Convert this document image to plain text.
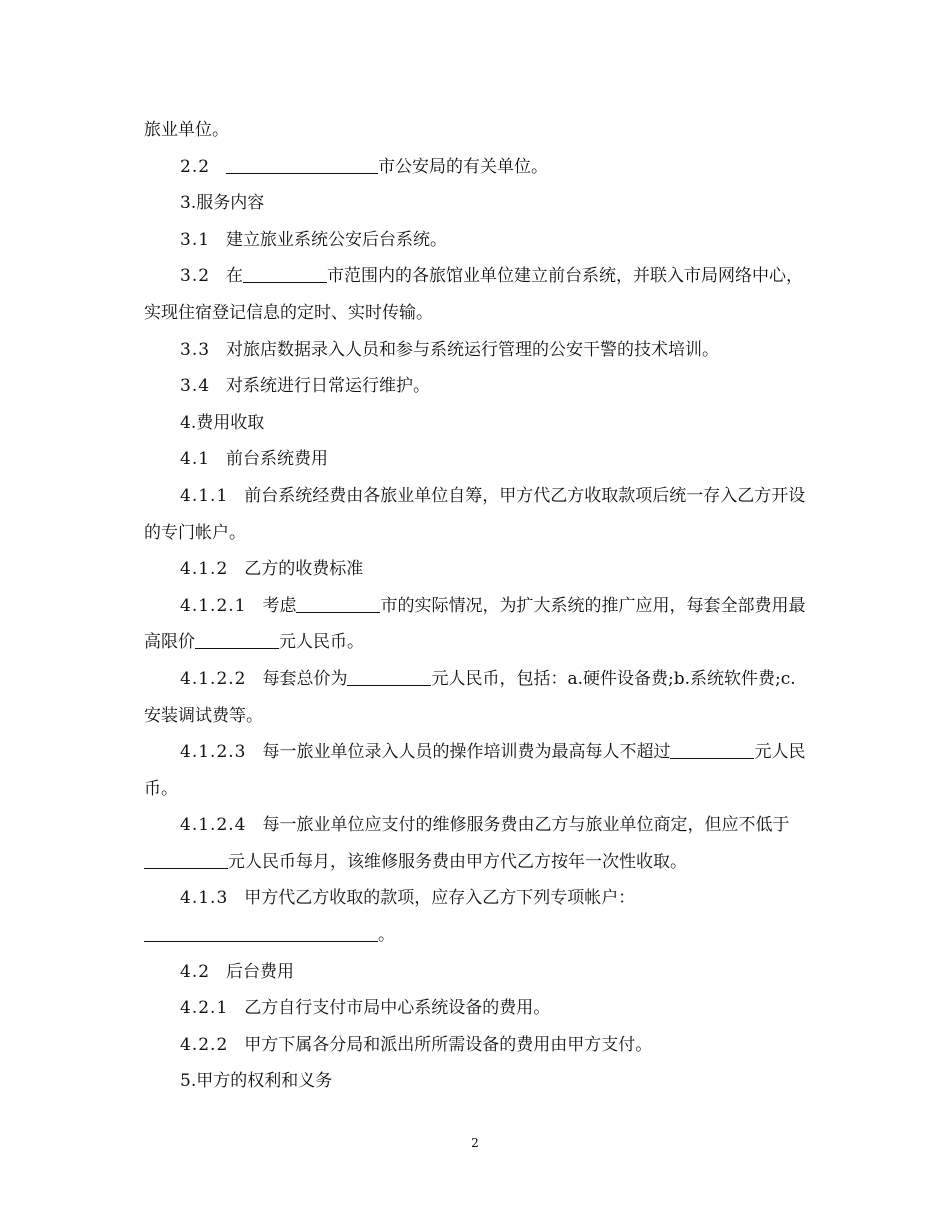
旅业单位。

2.2	市公安局的有关单位。

3.服务内容

3.1 建立旅业系统公安后台系统。

3.2 在	市范围内的各旅馆业单位建立前台系统，并联入市局网络中心，实现住宿登记信息的定时、实时传输。

3.3 对旅店数据录入人员和参与系统运行管理的公安干警的技术培训。

3.4 对系统进行日常运行维护。

4.费用收取

4.1 前台系统费用

4.1.1 前台系统经费由各旅业单位自筹，甲方代乙方收取款项后统一存入乙方开设的专门帐户。

4.1.2 乙方的收费标准

4.1.2.1 考虑	市的实际情况，为扩大系统的推广应用，每套全部费用最高限价	元人民币。

4.1.2.2 每套总价为	元人民币，包括：a.硬件设备费;b.系统软件费;c.安装调试费等。

4.1.2.3 每一旅业单位录入人员的操作培训费为最高每人不超过	元人民币。

4.1.2.4 每一旅业单位应支付的维修服务费由乙方与旅业单位商定，但应不低于元人民币每月，该维修服务费由甲方代乙方按年一次性收取。

4.1.3 甲方代乙方收取的款项，应存入乙方下列专项帐户：

。

4.2 后台费用

4.2.1 乙方自行支付市局中心系统设备的费用。

4.2.2 甲方下属各分局和派出所所需设备的费用由甲方支付。

5.甲方的权利和义务

2
